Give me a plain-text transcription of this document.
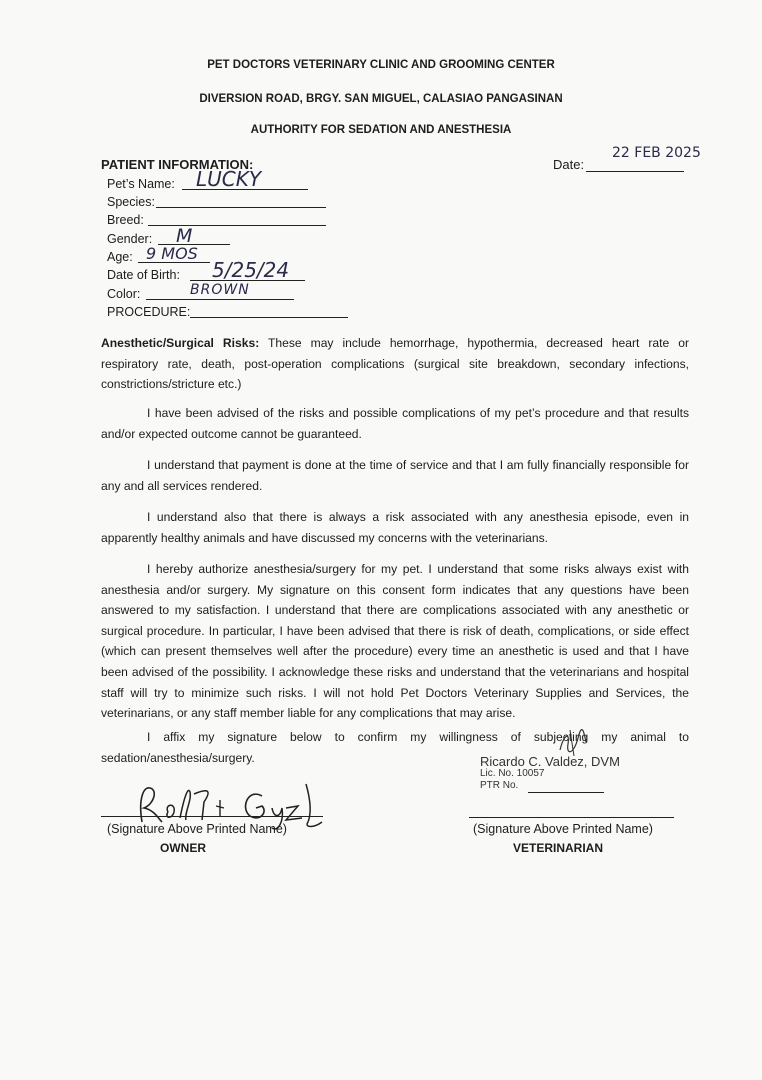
PET DOCTORS VETERINARY CLINIC AND GROOMING CENTER
DIVERSION ROAD, BRGY. SAN MIGUEL, CALASIAO PANGASINAN
AUTHORITY FOR SEDATION AND ANESTHESIA
Date:
22 FEB 2025
PATIENT INFORMATION:
Pet’s Name: LUCKY
Species:
Breed:
Gender: M
Age: 9 MOS
Date of Birth: 5/25/24
Color:	BROWN
PROCEDURE:
Anesthetic/Surgical Risks: These may include hemorrhage, hypothermia, decreased heart rate or respiratory rate, death, post-operation complications (surgical site breakdown, secondary infections, constrictions/stricture etc.)
I have been advised of the risks and possible complications of my pet’s procedure and that results and/or expected outcome cannot be guaranteed.
I understand that payment is done at the time of service and that I am fully financially responsible for any and all services rendered.
I understand also that there is always a risk associated with any anesthesia episode, even in apparently healthy animals and have discussed my concerns with the veterinarians.
I hereby authorize anesthesia/surgery for my pet. I understand that some risks always exist with anesthesia and/or surgery. My signature on this consent form indicates that any questions have been answered to my satisfaction. I understand that there are complications associated with any anesthetic or surgical procedure. In particular, I have been advised that there is risk of death, complications, or side effect (which can present themselves well after the procedure) every time an anesthetic is used and that I have been advised of the possibility. I acknowledge these risks and understand that the veterinarians and hospital staff will try to minimize such risks. I will not hold Pet Doctors Veterinary Supplies and Services, the veterinarians, or any staff member liable for any complications that may arise.
I affix my signature below to confirm my willingness of subjecting my animal to sedation/anesthesia/surgery.	Ricardo C. Valdez, DVM
Lic. No. 10057
PTR No.
(Signature Above Printed Name)
OWNER
(Signature Above Printed Name)
VETERINARIAN
